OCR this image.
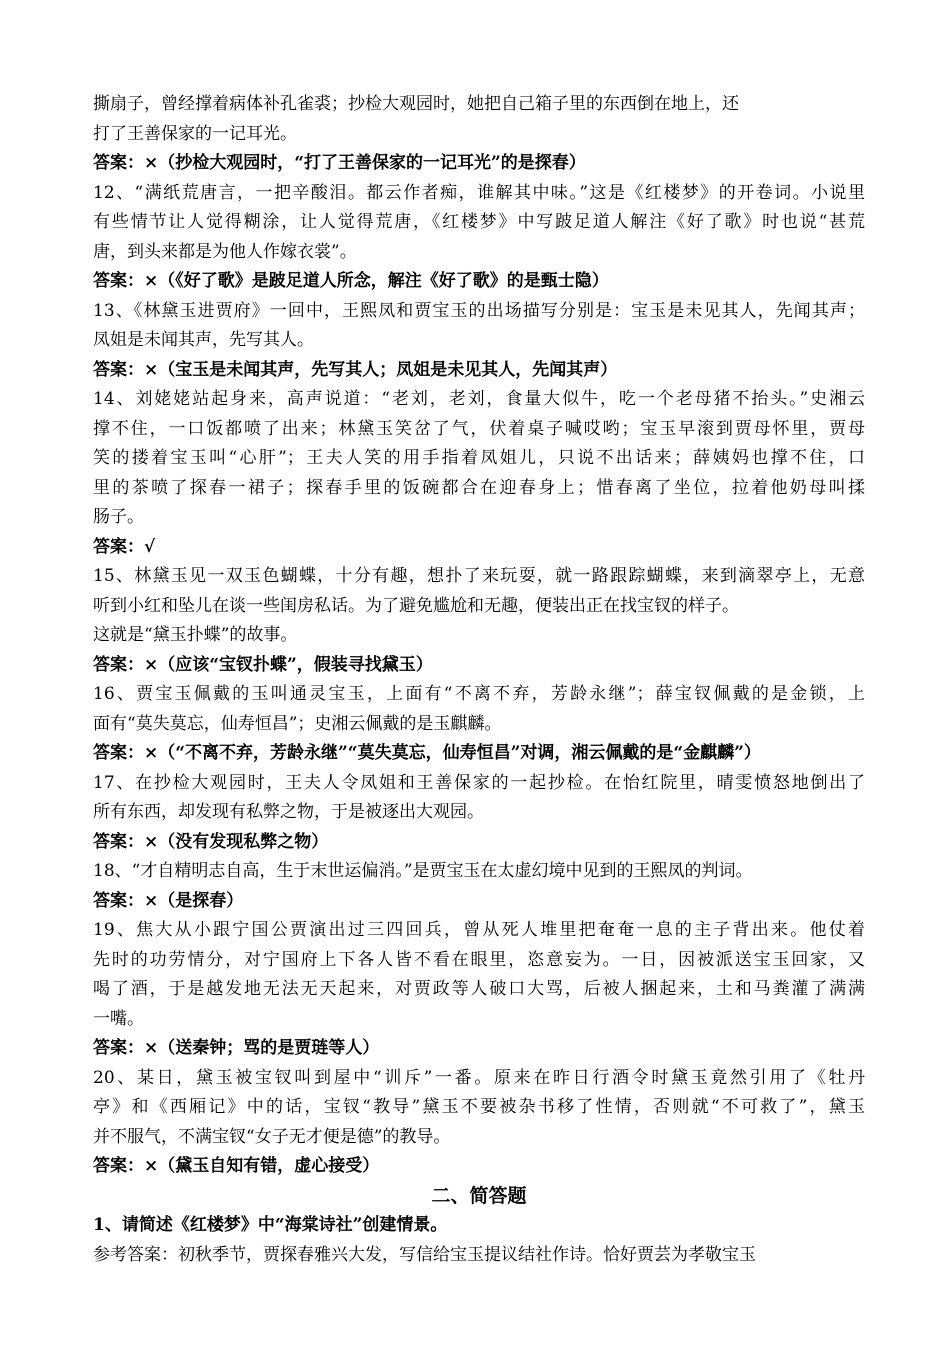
撕扇子，曾经撑着病体补孔雀裘；抄检大观园时，她把自己箱子里的东西倒在地上，还
打了王善保家的一记耳光。
答案：×（抄检大观园时，“打了王善保家的一记耳光”的是探春）
12、“满纸荒唐言，一把辛酸泪。都云作者痴，谁解其中味。”这是《红楼梦》的开卷词。小说里
有些情节让人觉得糊涂，让人觉得荒唐，《红楼梦》中写跛足道人解注《好了歌》时也说“甚荒
唐，到头来都是为他人作嫁衣裳”。
答案：×（《好了歌》是跛足道人所念，解注《好了歌》的是甄士隐）
13、《林黛玉进贾府》一回中，王熙凤和贾宝玉的出场描写分别是：宝玉是未见其人，先闻其声；
凤姐是未闻其声，先写其人。
答案：×（宝玉是未闻其声，先写其人；凤姐是未见其人，先闻其声）
14、刘姥姥站起身来，高声说道：“老刘，老刘，食量大似牛，吃一个老母猪不抬头。”史湘云
撑不住，一口饭都喷了出来；林黛玉笑岔了气，伏着桌子喊哎哟；宝玉早滚到贾母怀里，贾母
笑的搂着宝玉叫“心肝”；王夫人笑的用手指着凤姐儿，只说不出话来；薛姨妈也撑不住，口
里的茶喷了探春一裙子；探春手里的饭碗都合在迎春身上；惜春离了坐位，拉着他奶母叫揉
肠子。
答案：√
15、林黛玉见一双玉色蝴蝶，十分有趣，想扑了来玩耍，就一路跟踪蝴蝶，来到滴翠亭上，无意
听到小红和坠儿在谈一些闺房私话。为了避免尴尬和无趣，便装出正在找宝钗的样子。
这就是“黛玉扑蝶”的故事。
答案：×（应该“宝钗扑蝶”，假装寻找黛玉）
16、贾宝玉佩戴的玉叫通灵宝玉，上面有“不离不弃，芳龄永继”；薛宝钗佩戴的是金锁，上
面有“莫失莫忘，仙寿恒昌”；史湘云佩戴的是玉麒麟。
答案：×（“不离不弃，芳龄永继”“莫失莫忘，仙寿恒昌”对调，湘云佩戴的是“金麒麟”）
17、在抄检大观园时，王夫人令凤姐和王善保家的一起抄检。在怡红院里，晴雯愤怒地倒出了
所有东西，却发现有私弊之物，于是被逐出大观园。
答案：×（没有发现私弊之物）
18、“才自精明志自高，生于末世运偏消。”是贾宝玉在太虚幻境中见到的王熙凤的判词。
答案：×（是探春）
19、焦大从小跟宁国公贾演出过三四回兵，曾从死人堆里把奄奄一息的主子背出来。他仗着
先时的功劳情分，对宁国府上下各人皆不看在眼里，恣意妄为。一日，因被派送宝玉回家，又
喝了酒，于是越发地无法无天起来，对贾政等人破口大骂，后被人捆起来，土和马粪灌了满满
一嘴。
答案：×（送秦钟；骂的是贾琏等人）
20、某日，黛玉被宝钗叫到屋中“训斥”一番。原来在昨日行酒令时黛玉竟然引用了《牡丹
亭》和《西厢记》中的话，宝钗“教导”黛玉不要被杂书移了性情，否则就“不可救了”，黛玉
并不服气，不满宝钗“女子无才便是德”的教导。
答案：×（黛玉自知有错，虚心接受）
二、简答题
1、请简述《红楼梦》中“海棠诗社”创建情景。
参考答案：初秋季节，贾探春雅兴大发，写信给宝玉提议结社作诗。恰好贾芸为孝敬宝玉
